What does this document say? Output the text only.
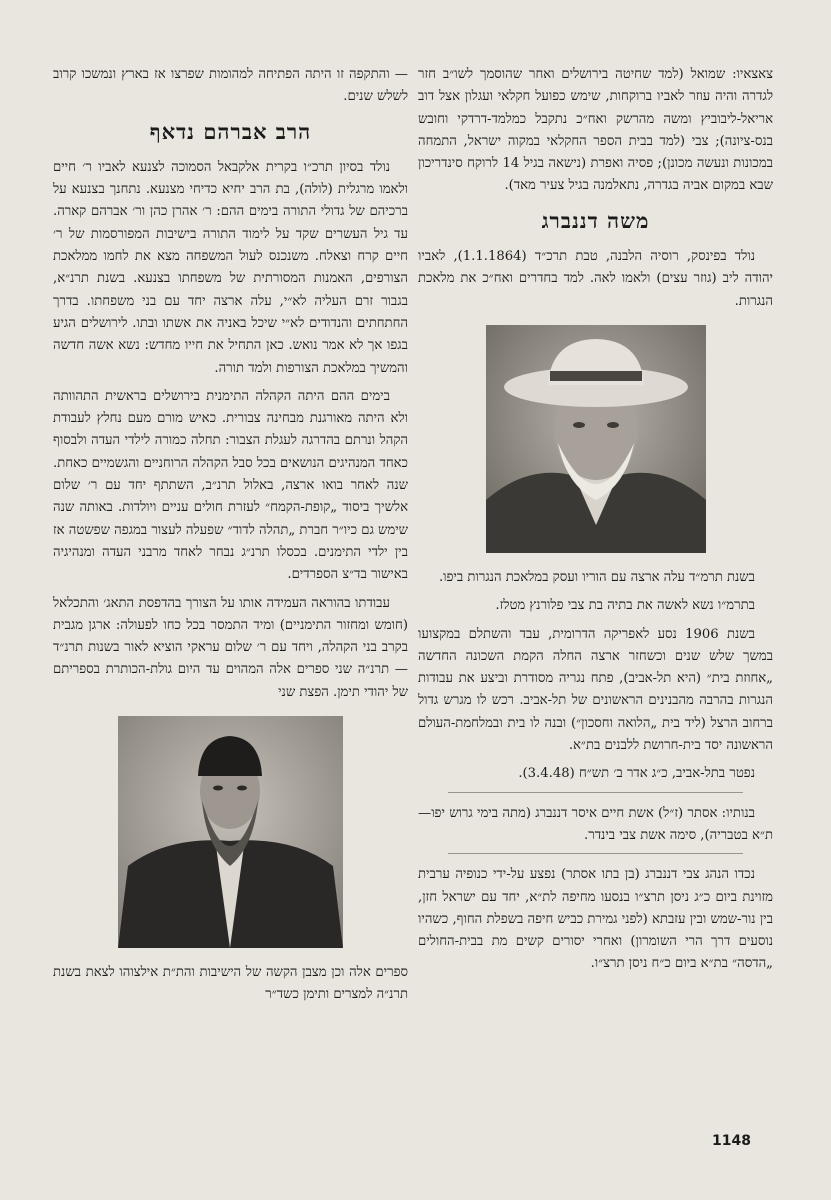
צאצאיו: שמואל (למד שחיטה בירושלים ואחר שהוסמך לשו״ב חזר לגדרה והיה עוזר לאביו ברוקחות, שימש כפועל חקלאי ועגלון אצל דוב אריאל-ליבוביץ ומשה מהרשק ואח״כ נתקבל כמלמד-דרדקי וחובש בנס-ציונה); צבי (למד בבית הספר החקלאי במקוה ישראל, התמחה במכונות ונעשה מכונן); פסיה ואפרת (נישאה בגיל 14 לרוקח סינדריכון שבא במקום אביה בגדרה, נתאלמנה בגיל צעיר מאד).

משה דננברג

נולד בפינסק, רוסיה הלבנה, טבת תרכ״ד (1.1.1864), לאביו יהודה ליב (גוזר עצים) ולאמו לאה. למד בחדרים ואח״כ את מלאכת הנגרות.

בשנת תרמ״ד עלה ארצה עם הוריו ועסק במלאכת הנגרות ביפו.

בתרמ״ו נשא לאשה את בתיה בת צבי פלורנץ מטלז.

בשנת 1906 נסע לאפריקה הדרומית, עבד והשתלם במקצועו במשך שלש שנים וכשחזר ארצה החלה הקמת השכונה החדשה „אחוזת בית״ (היא תל-אביב), פתח נגריה מסודרת וביצע את עבודות הנגרות בהרבה מהבנינים הראשונים של תל-אביב. רכש לו מגרש גדול ברחוב הרצל (ליד בית „הלואה וחסכון״) ובנה לו בית ובמלחמת-העולם הראשונה יסד בית-חרושת ללבנים בת״א.

נפטר בתל-אביב, כ״ג אדר ב׳ תש״ח (3.4.48).

בנותיו: אסתר (ז״ל) אשת חיים איסר דננברג (מתה בימי גרוש יפו—ת״א בטבריה), סימה אשת צבי בינדר.

נכדו הנהג צבי דננברג (בן בתו אסתר) נפצע על-ידי כנופיה ערבית מזוינת ביום כ״ג ניסן תרצ״ו בנסעו מחיפה לת״א, יחד עם ישראל חזן, בין נור-שמש ובין עזבתא (לפני גמירת כביש חיפה בשפלת החוף, כשהיו נוסעים דרך הרי השומרון) ואחרי יסורים קשים מת בבית-החולים „הדסה״ בת״א ביום כ״ח ניסן תרצ״ו.

— והתקפה זו היתה הפתיחה למהומות שפרצו אז בארץ ונמשכו קרוב לשלש שנים.

הרב אברהם נדאף

נולד בסיון תרכ״ו בקרית אלקבאל הסמוכה לצנעא לאביו ר׳ חיים ולאמו מרגלית (לולה), בת הרב יחיא כדיחי מצנעא. נתחנך בצנעא על ברכיהם של גדולי התורה בימים ההם: ר׳ אהרן כהן ור׳ אברהם קארה. עד גיל העשרים שקד על לימוד התורה בישיבות המפורסמות של ר׳ חיים קרח וצאלח. משנכנס לעול המשפחה מצא את לחמו ממלאכת הצורפים, האמנות המסורתית של משפחתו בצנעא. בשנת תרנ״א, בגבור זרם העליה לא״י, עלה ארצה יחד עם בני משפחתו. בדרך החתחתים והנדודים לא״י שיכל באניה את אשתו ובתו. לירושלים הגיע בגפו אך לא אמר נואש. כאן התחיל את חייו מחדש: נשא אשה חדשה והמשיך במלאכת הצורפות ולמד תורה.

בימים ההם היתה הקהלה התימנית בירושלים בראשית התהוותה ולא היתה מאורגנת מבחינה צבורית. כאיש מורם מעם נחלץ לעבודת הקהל ונרתם בהדרגה לעגלת הצבור: תחלה כמורה לילדי העדה ולבסוף כאחד המנהיגים הנושאים בכל סבל הקהלה הרוחניים והגשמיים כאחת. שנה לאחר בואו ארצה, באלול תרנ״ב, השתתף יחד עם ר׳ שלום אלשיך ביסוד „קופת-הקמח״ לעזרת חולים עניים ויולדות. באותה שנה שימש גם כיו״ר חברת „תהלה לדוד״ שפעלה לעצור במגפה שפשטה אז בין ילדי התימנים. בכסלו תרנ״ג נבחר לאחד מרבני העדה ומנהיגיה באישור בד״צ הספרדים.

עבודתו בהוראה העמידה אותו על הצורך בהדפסת התאג׳ והתכלאל (חומש ומחזור התימניים) ומיד התמסר בכל כחו לפעולה: ארגן מגבית בקרב בני הקהלה, ויחד עם ר׳ שלום עראקי הוציא לאור בשנות תרנ״ד — תרנ״ה שני ספרים אלה המהוים עד היום גולת-הכותרת בספריתם של יהודי תימן. הפצת שני

ספרים אלה וכן מצבן הקשה של הישיבות והת״ת אילצוהו לצאת בשנת תרנ״ה למצרים ותימן כשד״ר

1148
